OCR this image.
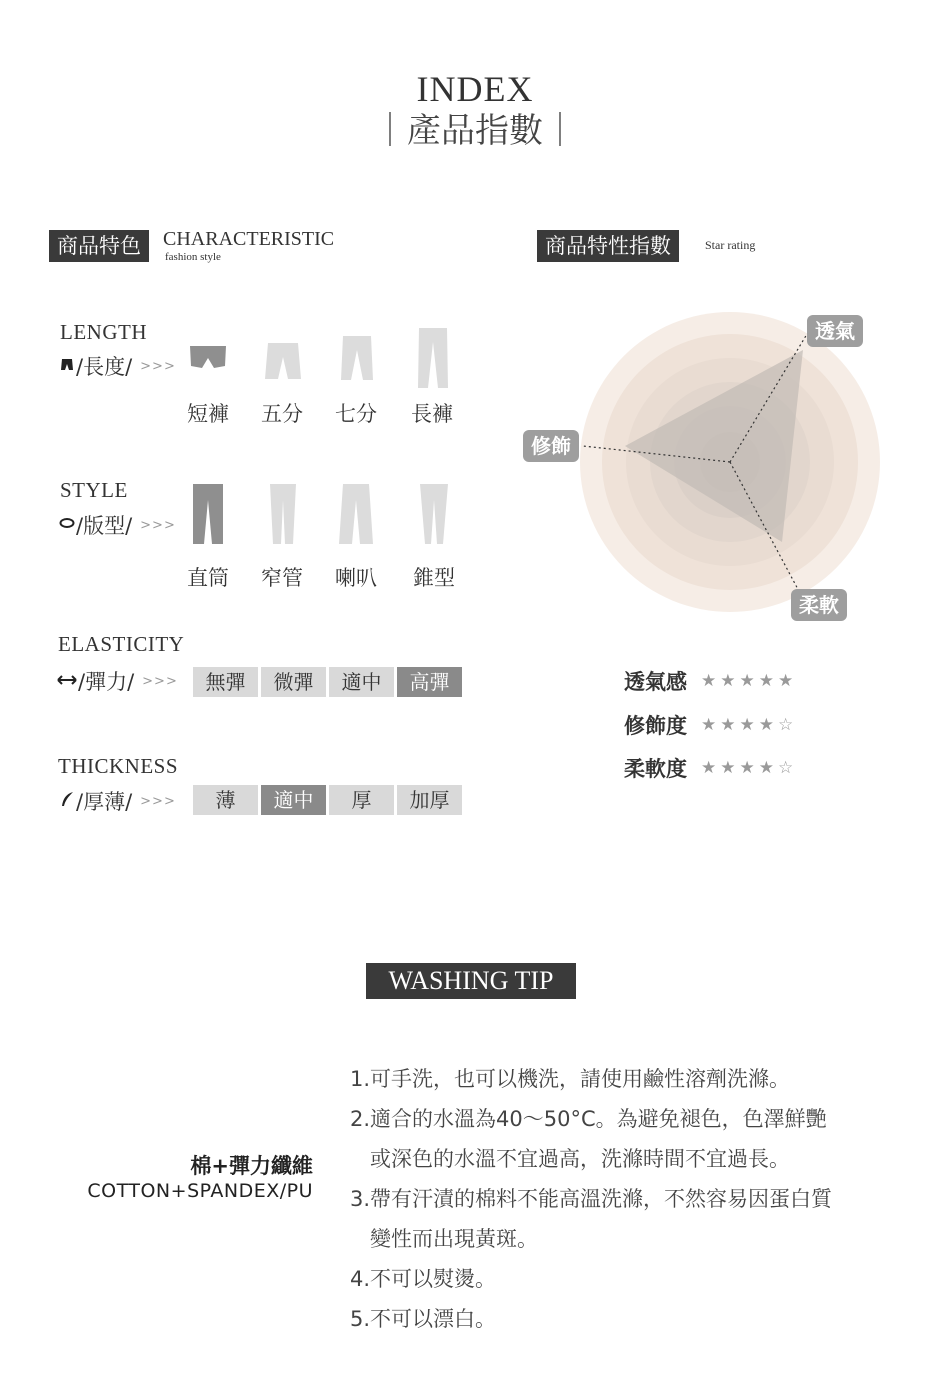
INDEX
｜產品指數｜
商品特色	CHARACTERISTIC
fashion style
LENGTH
/長度/ >>>
短褲	五分	七分	長褲
STYLE
/版型/ >>>
直筒	窄管	喇叭	錐型
ELASTICITY
/彈力/ >>>	無彈	微彈	適中	高彈
THICKNESS
/厚薄/ >>>	薄	適中	厚	加厚
商品特性指數	Star rating
透氣
修飾
柔軟
透氣感 ★★★★★
修飾度 ★★★★☆
柔軟度 ★★★★☆
WASHING TIP
棉+彈力纖維
COTTON+SPANDEX/PU
1.可手洗，也可以機洗，請使用鹼性溶劑洗滌。
2.適合的水溫為40～50°C。為避免褪色，色澤鮮艷
或深色的水溫不宜過高，洗滌時間不宜過長。
3.帶有汗漬的棉料不能高溫洗滌，不然容易因蛋白質
變性而出現黃斑。
4.不可以熨燙。
5.不可以漂白。
